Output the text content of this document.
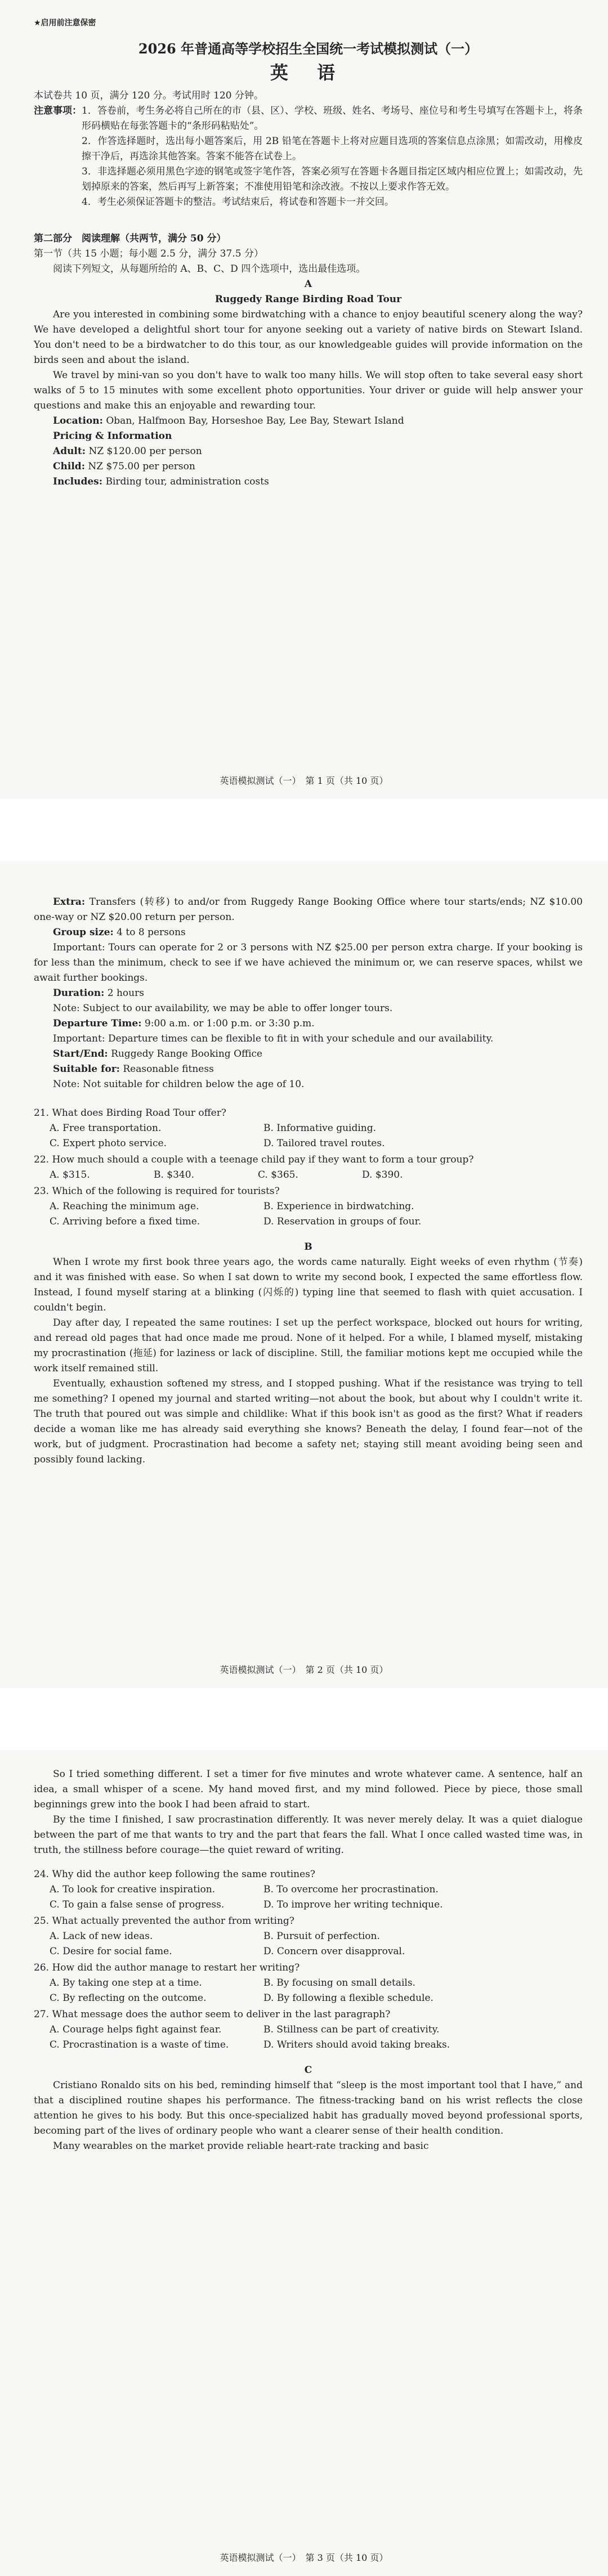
★启用前注意保密
2026 年普通高等学校招生全国统一考试模拟测试（一）
英 语

本试卷共 10 页，满分 120 分。考试用时 120 分钟。

注意事项： 1．答卷前，考生务必将自己所在的市（县、区）、学校、班级、姓名、考场号、座位号和考生号填写在答题卡上，将条形码横贴在每张答题卡的“条形码粘贴处”。

2．作答选择题时，选出每小题答案后，用 2B 铅笔在答题卡上将对应题目选项的答案信息点涂黑；如需改动，用橡皮擦干净后，再选涂其他答案。答案不能答在试卷上。

3．非选择题必须用黑色字迹的钢笔或签字笔作答，答案必须写在答题卡各题目指定区域内相应位置上；如需改动，先划掉原来的答案，然后再写上新答案；不准使用铅笔和涂改液。不按以上要求作答无效。

4．考生必须保证答题卡的整洁。考试结束后，将试卷和答题卡一并交回。

第二部分　阅读理解（共两节，满分 50 分）

第一节（共 15 小题；每小题 2.5 分，满分 37.5 分）

阅读下列短文，从每题所给的 A、B、C、D 四个选项中，选出最佳选项。

A

Ruggedy Range Birding Road Tour

Are you interested in combining some birdwatching with a chance to enjoy beautiful scenery along the way? We have developed a delightful short tour for anyone seeking out a variety of native birds on Stewart Island. You don't need to be a birdwatcher to do this tour, as our knowledgeable guides will provide information on the birds seen and about the island.

We travel by mini-van so you don't have to walk too many hills. We will stop often to take several easy short walks of 5 to 15 minutes with some excellent photo opportunities. Your driver or guide will help answer your questions and make this an enjoyable and rewarding tour.

Location: Oban, Halfmoon Bay, Horseshoe Bay, Lee Bay, Stewart Island

Pricing & Information

Adult: NZ $120.00 per person

Child: NZ $75.00 per person

Includes: Birding tour, administration costs

英语模拟测试（一）　第 1 页（共 10 页）

Extra: Transfers (转移) to and/or from Ruggedy Range Booking Office where tour starts/ends; NZ $10.00 one-way or NZ $20.00 return per person.

Group size: 4 to 8 persons

Important: Tours can operate for 2 or 3 persons with NZ $25.00 per person extra charge. If your booking is for less than the minimum, check to see if we have achieved the minimum or, we can reserve spaces, whilst we await further bookings.

Duration: 2 hours

Note: Subject to our availability, we may be able to offer longer tours.

Departure Time: 9:00 a.m. or 1:00 p.m. or 3:30 p.m.

Important: Departure times can be flexible to fit in with your schedule and our availability.

Start/End: Ruggedy Range Booking Office

Suitable for: Reasonable fitness

Note: Not suitable for children below the age of 10.

21. What does Birding Road Tour offer?

A. Free transportation.	B. Informative guiding.
C. Expert photo service.	D. Tailored travel routes.

22. How much should a couple with a teenage child pay if they want to form a tour group?

A. $315.	B. $340.	C. $365.	D. $390.

23. Which of the following is required for tourists?

A. Reaching the minimum age.	B. Experience in birdwatching.
C. Arriving before a fixed time.	D. Reservation in groups of four.

B

When I wrote my first book three years ago, the words came naturally. Eight weeks of even rhythm (节奏) and it was finished with ease. So when I sat down to write my second book, I expected the same effortless flow. Instead, I found myself staring at a blinking (闪烁的) typing line that seemed to flash with quiet accusation. I couldn't begin.

Day after day, I repeated the same routines: I set up the perfect workspace, blocked out hours for writing, and reread old pages that had once made me proud. None of it helped. For a while, I blamed myself, mistaking my procrastination (拖延) for laziness or lack of discipline. Still, the familiar motions kept me occupied while the work itself remained still.

Eventually, exhaustion softened my stress, and I stopped pushing. What if the resistance was trying to tell me something? I opened my journal and started writing—not about the book, but about why I couldn't write it. The truth that poured out was simple and childlike: What if this book isn't as good as the first? What if readers decide a woman like me has already said everything she knows? Beneath the delay, I found fear—not of the work, but of judgment. Procrastination had become a safety net; staying still meant avoiding being seen and possibly found lacking.

英语模拟测试（一）　第 2 页（共 10 页）

So I tried something different. I set a timer for five minutes and wrote whatever came. A sentence, half an idea, a small whisper of a scene. My hand moved first, and my mind followed. Piece by piece, those small beginnings grew into the book I had been afraid to start.

By the time I finished, I saw procrastination differently. It was never merely delay. It was a quiet dialogue between the part of me that wants to try and the part that fears the fall. What I once called wasted time was, in truth, the stillness before courage—the quiet reward of writing.

24. Why did the author keep following the same routines?

A. To look for creative inspiration.	B. To overcome her procrastination.
C. To gain a false sense of progress.	D. To improve her writing technique.

25. What actually prevented the author from writing?

A. Lack of new ideas.	B. Pursuit of perfection.
C. Desire for social fame.	D. Concern over disapproval.

26. How did the author manage to restart her writing?

A. By taking one step at a time.	B. By focusing on small details.
C. By reflecting on the outcome.	D. By following a flexible schedule.

27. What message does the author seem to deliver in the last paragraph?

A. Courage helps fight against fear.	B. Stillness can be part of creativity.
C. Procrastination is a waste of time.	D. Writers should avoid taking breaks.

C

Cristiano Ronaldo sits on his bed, reminding himself that “sleep is the most important tool that I have,” and that a disciplined routine shapes his performance. The fitness-tracking band on his wrist reflects the close attention he gives to his body. But this once-specialized habit has gradually moved beyond professional sports, becoming part of the lives of ordinary people who want a clearer sense of their health condition.

Many wearables on the market provide reliable heart-rate tracking and basic

英语模拟测试（一）　第 3 页（共 10 页）
